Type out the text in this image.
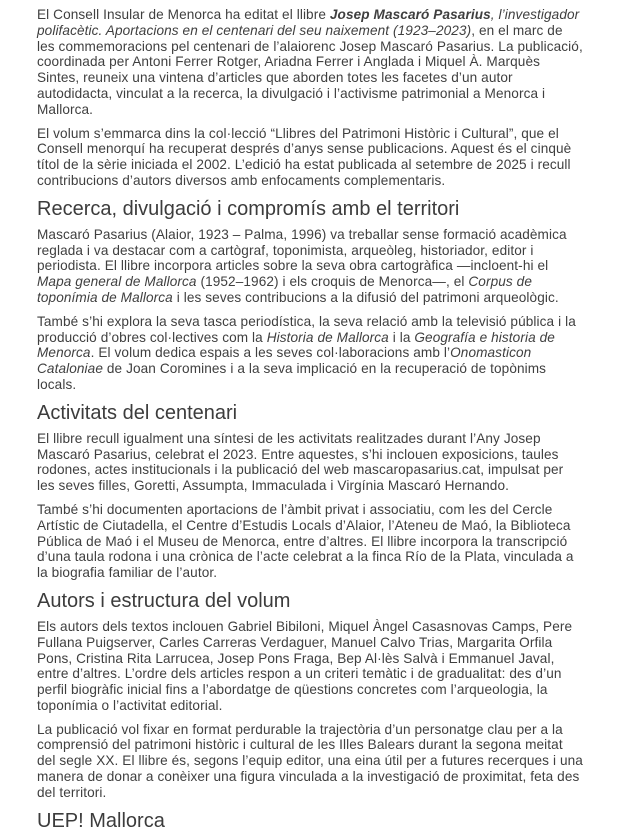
El Consell Insular de Menorca ha editat el llibre Josep Mascaró Pasarius, l’investigador polifacètic. Aportacions en el centenari del seu naixement (1923–2023), en el marc de les commemoracions pel centenari de l’alaiorenc Josep Mascaró Pasarius. La publicació, coordinada per Antoni Ferrer Rotger, Ariadna Ferrer i Anglada i Miquel À. Marquès Sintes, reuneix una vintena d’articles que aborden totes les facetes d’un autor autodidacta, vinculat a la recerca, la divulgació i l’activisme patrimonial a Menorca i Mallorca.

El volum s’emmarca dins la col·lecció “Llibres del Patrimoni Històric i Cultural”, que el Consell menorquí ha recuperat després d’anys sense publicacions. Aquest és el cinquè títol de la sèrie iniciada el 2002. L’edició ha estat publicada al setembre de 2025 i recull contribucions d’autors diversos amb enfocaments complementaris.

Recerca, divulgació i compromís amb el territori

Mascaró Pasarius (Alaior, 1923 – Palma, 1996) va treballar sense formació acadèmica reglada i va destacar com a cartògraf, toponimista, arqueòleg, historiador, editor i periodista. El llibre incorpora articles sobre la seva obra cartogràfica —incloent-hi el Mapa general de Mallorca (1952–1962) i els croquis de Menorca—, el Corpus de toponímia de Mallorca i les seves contribucions a la difusió del patrimoni arqueològic.

També s’hi explora la seva tasca periodística, la seva relació amb la televisió pública i la producció d’obres col·lectives com la Historia de Mallorca i la Geografía e historia de Menorca. El volum dedica espais a les seves col·laboracions amb l’Onomasticon Cataloniae de Joan Coromines i a la seva implicació en la recuperació de topònims locals.

Activitats del centenari

El llibre recull igualment una síntesi de les activitats realitzades durant l’Any Josep Mascaró Pasarius, celebrat el 2023. Entre aquestes, s’hi inclouen exposicions, taules rodones, actes institucionals i la publicació del web mascaropasarius.cat, impulsat per les seves filles, Goretti, Assumpta, Immaculada i Virgínia Mascaró Hernando.

També s’hi documenten aportacions de l’àmbit privat i associatiu, com les del Cercle Artístic de Ciutadella, el Centre d’Estudis Locals d’Alaior, l’Ateneu de Maó, la Biblioteca Pública de Maó i el Museu de Menorca, entre d’altres. El llibre incorpora la transcripció d’una taula rodona i una crònica de l’acte celebrat a la finca Río de la Plata, vinculada a la biografia familiar de l’autor.

Autors i estructura del volum

Els autors dels textos inclouen Gabriel Bibiloni, Miquel Àngel Casasnovas Camps, Pere Fullana Puigserver, Carles Carreras Verdaguer, Manuel Calvo Trias, Margarita Orfila Pons, Cristina Rita Larrucea, Josep Pons Fraga, Bep Al·lès Salvà i Emmanuel Javal, entre d’altres. L’ordre dels articles respon a un criteri temàtic i de gradualitat: des d’un perfil biogràfic inicial fins a l’abordatge de qüestions concretes com l’arqueologia, la toponímia o l’activitat editorial.

La publicació vol fixar en format perdurable la trajectòria d’un personatge clau per a la comprensió del patrimoni històric i cultural de les Illes Balears durant la segona meitat del segle XX. El llibre és, segons l’equip editor, una eina útil per a futures recerques i una manera de donar a conèixer una figura vinculada a la investigació de proximitat, feta des del territori.

UEP! Mallorca
